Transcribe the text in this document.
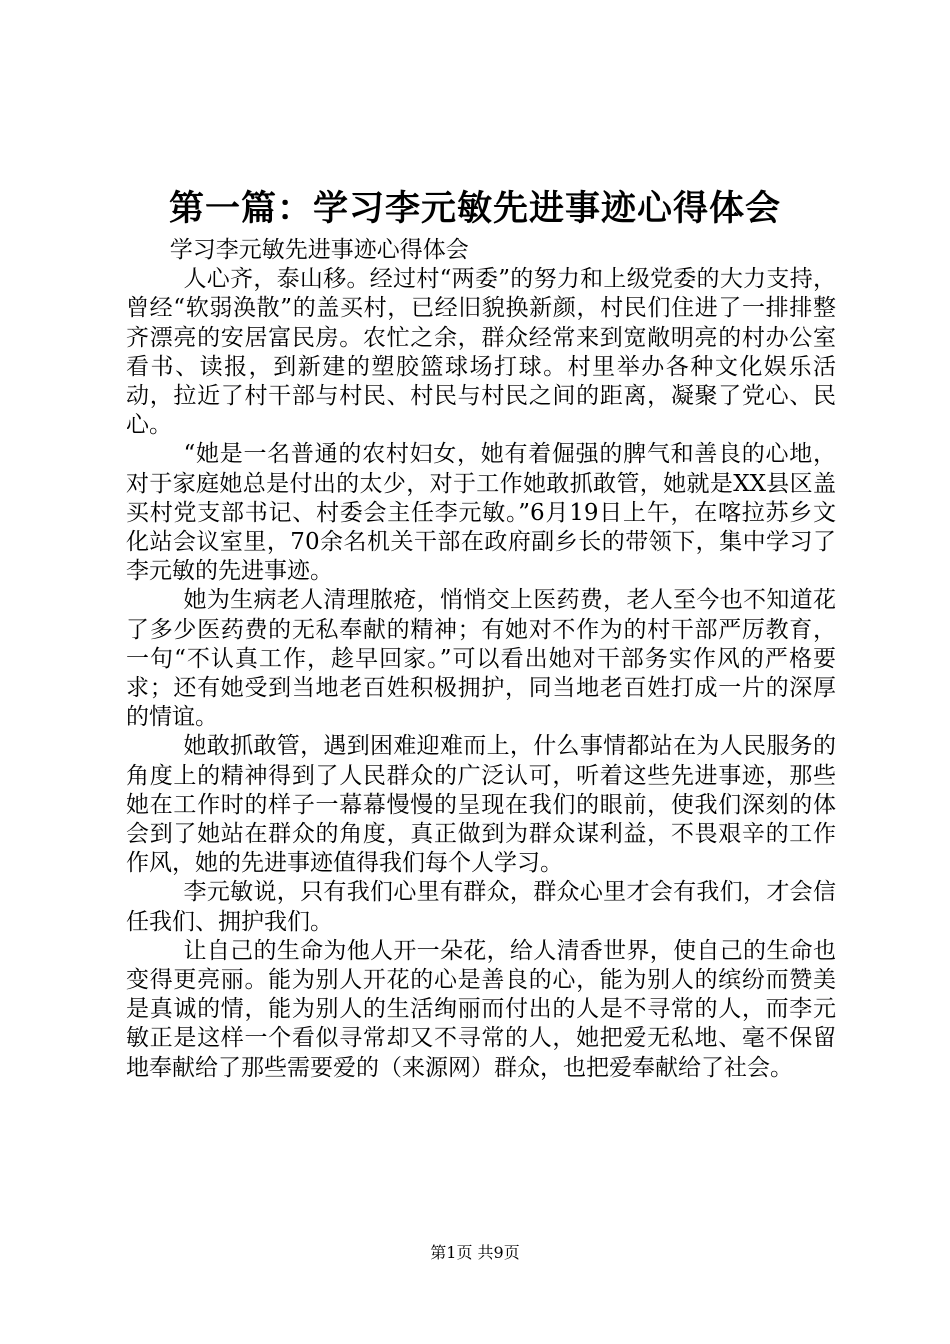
第一篇：学习李元敏先进事迹心得体会

学习李元敏先进事迹心得体会

人心齐，泰山移。经过村“两委”的努力和上级党委的大力支持，曾经“软弱涣散”的盖买村，已经旧貌换新颜，村民们住进了一排排整齐漂亮的安居富民房。农忙之余，群众经常来到宽敞明亮的村办公室看书、读报，到新建的塑胶篮球场打球。村里举办各种文化娱乐活动，拉近了村干部与村民、村民与村民之间的距离，凝聚了党心、民心。

“她是一名普通的农村妇女，她有着倔强的脾气和善良的心地，对于家庭她总是付出的太少，对于工作她敢抓敢管，她就是XX县区盖买村党支部书记、村委会主任李元敏。”6月19日上午，在喀拉苏乡文化站会议室里，70余名机关干部在政府副乡长的带领下，集中学习了李元敏的先进事迹。

她为生病老人清理脓疮，悄悄交上医药费，老人至今也不知道花了多少医药费的无私奉献的精神；有她对不作为的村干部严厉教育，一句“不认真工作，趁早回家。”可以看出她对干部务实作风的严格要求；还有她受到当地老百姓积极拥护，同当地老百姓打成一片的深厚的情谊。

她敢抓敢管，遇到困难迎难而上，什么事情都站在为人民服务的角度上的精神得到了人民群众的广泛认可，听着这些先进事迹，那些她在工作时的样子一幕幕慢慢的呈现在我们的眼前，使我们深刻的体会到了她站在群众的角度，真正做到为群众谋利益，不畏艰辛的工作作风，她的先进事迹值得我们每个人学习。

李元敏说，只有我们心里有群众，群众心里才会有我们，才会信任我们、拥护我们。

让自己的生命为他人开一朵花，给人清香世界，使自己的生命也变得更亮丽。能为别人开花的心是善良的心，能为别人的缤纷而赞美是真诚的情，能为别人的生活绚丽而付出的人是不寻常的人，而李元敏正是这样一个看似寻常却又不寻常的人，她把爱无私地、毫不保留地奉献给了那些需要爱的（来源网）群众，也把爱奉献给了社会。

第1页 共9页
